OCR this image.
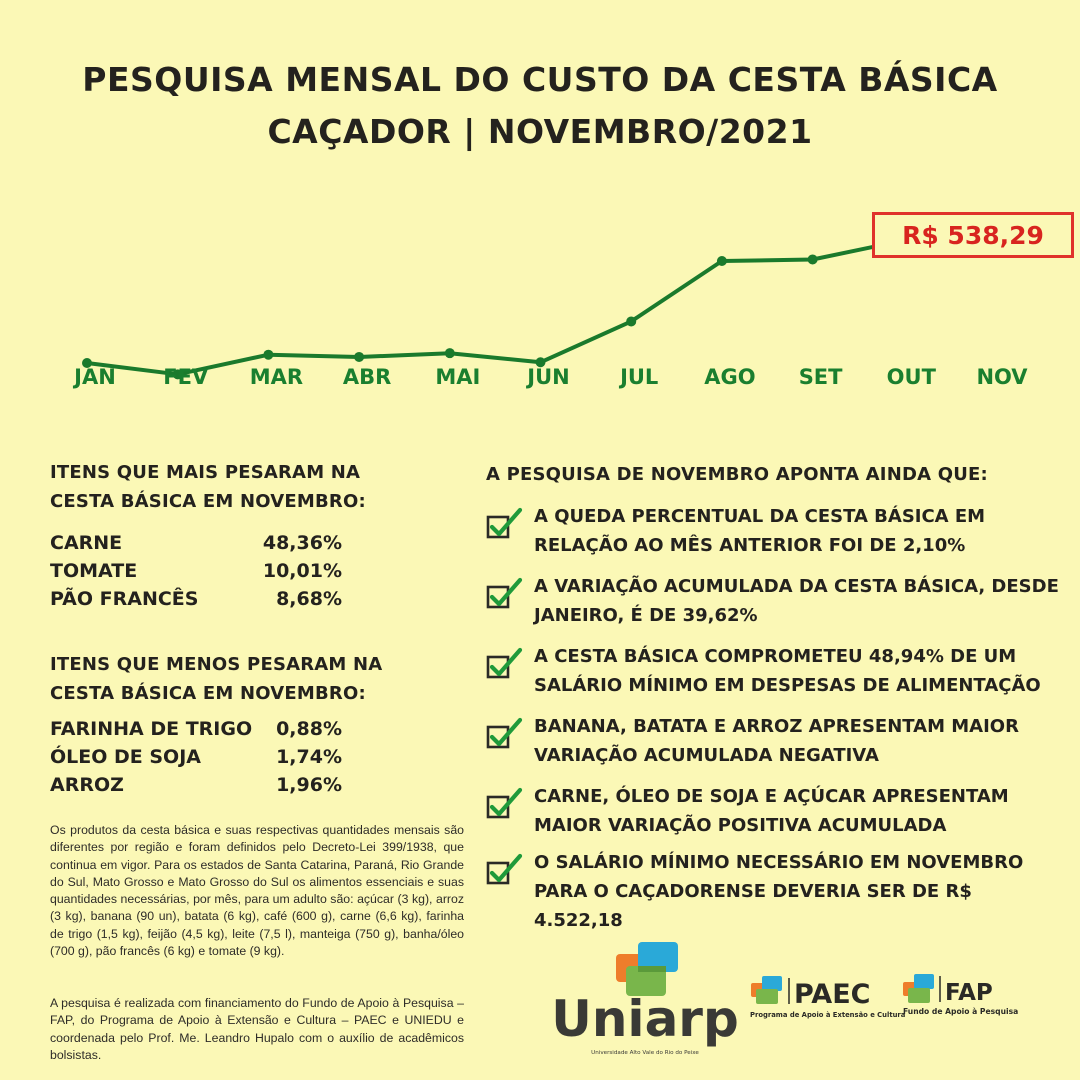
PESQUISA MENSAL DO CUSTO DA CESTA BÁSICA
CAÇADOR | NOVEMBRO/2021
JAN FEV MAR ABR MAI JUN JUL AGO SET OUT NOV
R$ 538,29
ITENS QUE MAIS PESARAM NA
CESTA BÁSICA EM NOVEMBRO:
CARNE	48,36%
TOMATE	10,01%
PÃO FRANCÊS	8,68%
ITENS QUE MENOS PESARAM NA
CESTA BÁSICA EM NOVEMBRO:
FARINHA DE TRIGO 0,88%
ÓLEO DE SOJA	1,74%
ARROZ	1,96%
Os produtos da cesta básica e suas respectivas quantidades mensais são diferentes por região e foram definidos pelo Decreto-Lei 399/1938, que continua em vigor. Para os estados de Santa Catarina, Paraná, Rio Grande do Sul, Mato Grosso e Mato Grosso do Sul os alimentos essenciais e suas quantidades necessárias, por mês, para um adulto são: açúcar (3 kg), arroz (3 kg), banana (90 un), batata (6 kg), café (600 g), carne (6,6 kg), farinha de trigo (1,5 kg), feijão (4,5 kg), leite (7,5 l), manteiga (750 g), banha/óleo (700 g), pão francês (6 kg) e tomate (9 kg).
A pesquisa é realizada com financiamento do Fundo de Apoio à Pesquisa – FAP, do Programa de Apoio à Extensão e Cultura – PAEC e UNIEDU e coordenada pelo Prof. Me. Leandro Hupalo com o auxílio de acadêmicos bolsistas.
A PESQUISA DE NOVEMBRO APONTA AINDA QUE:
A QUEDA PERCENTUAL DA CESTA BÁSICA EM RELAÇÃO AO MÊS ANTERIOR FOI DE 2,10%
A VARIAÇÃO ACUMULADA DA CESTA BÁSICA, DESDE JANEIRO, É DE 39,62%
A CESTA BÁSICA COMPROMETEU 48,94% DE UM SALÁRIO MÍNIMO EM DESPESAS DE ALIMENTAÇÃO
BANANA, BATATA E ARROZ APRESENTAM MAIOR VARIAÇÃO ACUMULADA NEGATIVA
CARNE, ÓLEO DE SOJA E AÇÚCAR APRESENTAM MAIOR VARIAÇÃO POSITIVA ACUMULADA
O SALÁRIO MÍNIMO NECESSÁRIO EM NOVEMBRO PARA O CAÇADORENSE DEVERIA SER DE R$ 4.522,18
Uniarp
Universidade Alto Vale do Rio do Peixe
PAEC
Programa de Apoio à Extensão e Cultura
FAP
Fundo de Apoio à Pesquisa
